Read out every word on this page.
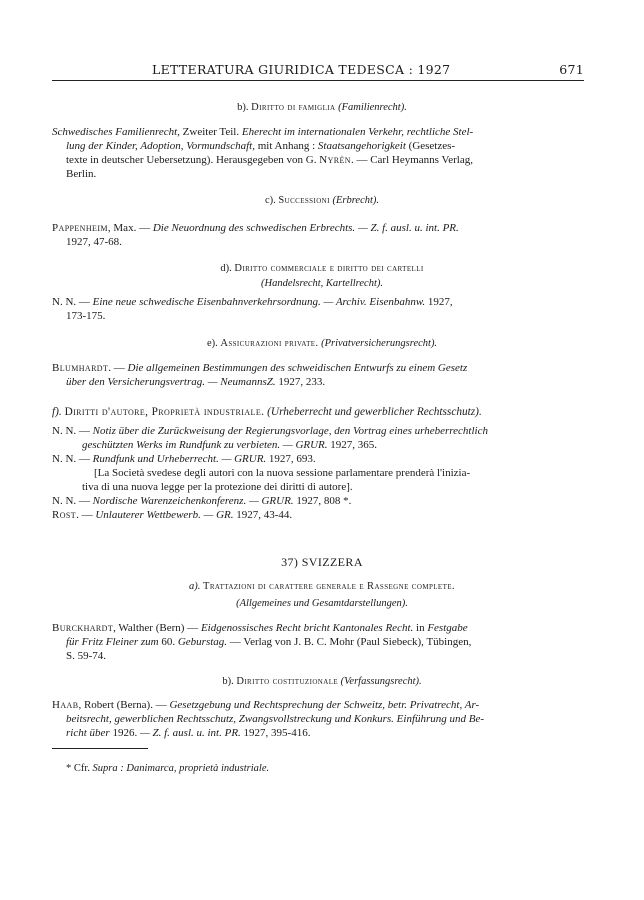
LETTERATURA GIURIDICA TEDESCA : 1927	671
b). Diritto di famiglia (Familienrecht).
Schwedisches Familienrecht, Zweiter Teil. Eherecht im internationalen Verkehr, rechtliche Stel-
lung der Kinder, Adoption, Vormundschaft, mit Anhang : Staatsangehorigkeit (Gesetzes-
texte in deutscher Uebersetzung). Herausgegeben von G. Nyrèn. — Carl Heymanns Verlag,
Berlin.
c). Successioni (Erbrecht).
Pappenheim, Max. — Die Neuordnung des schwedischen Erbrechts. — Z. f. ausl. u. int. PR.
1927, 47-68.
d). Diritto commerciale e diritto dei cartelli
(Handelsrecht, Kartellrecht).
N. N. — Eine neue schwedische Eisenbahnverkehrsordnung. — Archiv. Eisenbahnw. 1927,
173-175.
e). Assicurazioni private. (Privatversicherungsrecht).
Blumhardt. — Die allgemeinen Bestimmungen des schweidischen Entwurfs zu einem Gesetz
über den Versicherungsvertrag. — NeumannsZ. 1927, 233.
f). Diritti d'autore, Proprietà industriale. (Urheberrecht und gewerblicher Rechtsschutz).
N. N. — Notiz über die Zurückweisung der Regierungsvorlage, den Vortrag eines urheberrechtlich
geschützten Werks im Rundfunk zu verbieten. — GRUR. 1927, 365.
N. N. — Rundfunk und Urheberrecht. — GRUR. 1927, 693.
[La Società svedese degli autori con la nuova sessione parlamentare prenderà l'inizia-
tiva di una nuova legge per la protezione dei diritti di autore].
N. N. — Nordische Warenzeichenkonferenz. — GRUR. 1927, 808 *.
Rost. — Unlauterer Wettbewerb. — GR. 1927, 43-44.
37) SVIZZERA
a). Trattazioni di carattere generale e Rassegne complete.
(Allgemeines und Gesamtdarstellungen).
Burckhardt, Walther (Bern) — Eidgenossisches Recht bricht Kantonales Recht. in Festgabe
für Fritz Fleiner zum 60. Geburstag. — Verlag von J. B. C. Mohr (Paul Siebeck), Tübingen,
S. 59-74.
b). Diritto costituzionale (Verfassungsrecht).
Haab, Robert (Berna). — Gesetzgebung und Rechtsprechung der Schweitz, betr. Privatrecht, Ar-
beitsrecht, gewerblichen Rechtsschutz, Zwangsvollstreckung und Konkurs. Einführung und Be-
richt über 1926. — Z. f. ausl. u. int. PR. 1927, 395-416.
* Cfr. Supra : Danimarca, proprietà industriale.
